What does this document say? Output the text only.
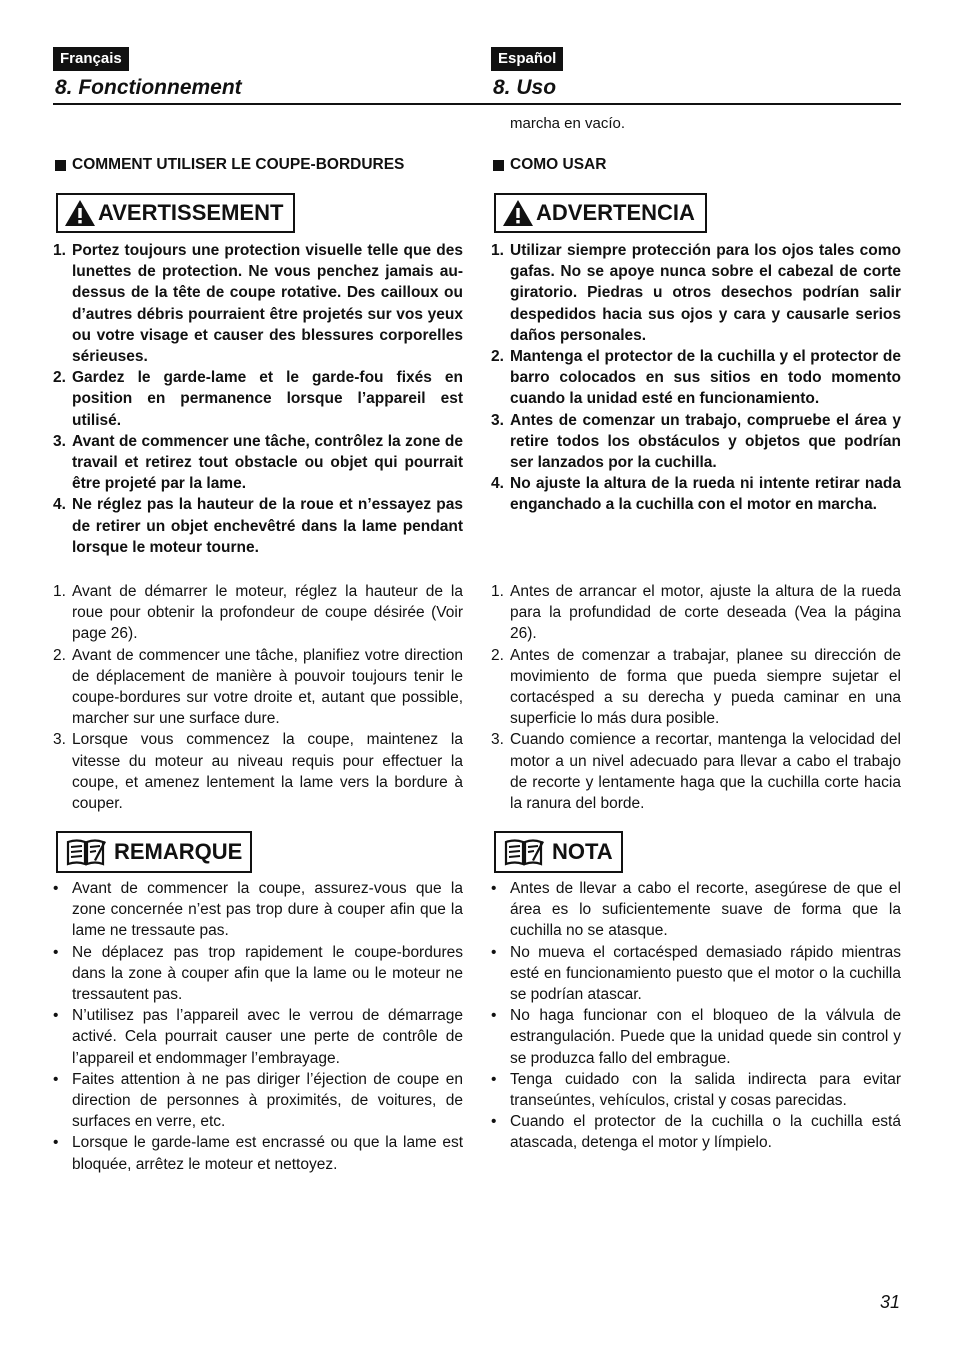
Français
8. Fonctionnement
COMMENT UTILISER LE COUPE-BORDURES
AVERTISSEMENT
1. Portez toujours une protection visuelle telle que des lunettes de protection. Ne vous penchez jamais au-dessus de la tête de coupe rotative. Des cailloux ou d’autres débris pourraient être projetés sur vos yeux ou votre visage et causer des blessures corporelles sérieuses.
2. Gardez le garde-lame et le garde-fou fixés en position en permanence lorsque l’appareil est utilisé.
3. Avant de commencer une tâche, contrôlez la zone de travail et retirez tout obstacle ou objet qui pourrait être projeté par la lame.
4. Ne réglez pas la hauteur de la roue et n’essayez pas de retirer un objet enchevêtré dans la lame pendant lorsque le moteur tourne.
1. Avant de démarrer le moteur, réglez la hauteur de la roue pour obtenir la profondeur de coupe désirée (Voir page 26).
2. Avant de commencer une tâche, planifiez votre direction de déplacement de manière à pouvoir toujours tenir le coupe-bordures sur votre droite et, autant que possible, marcher sur une surface dure.
3. Lorsque vous commencez la coupe, maintenez la vitesse du moteur au niveau requis pour effectuer la coupe, et amenez lentement la lame vers la bordure à couper.
REMARQUE
• Avant de commencer la coupe, assurez-vous que la zone concernée n’est pas trop dure à couper afin que la lame ne tressaute pas.
• Ne déplacez pas trop rapidement le coupe-bordures dans la zone à couper afin que la lame ou le moteur ne tressautent pas.
• N’utilisez pas l’appareil avec le verrou de démarrage activé. Cela pourrait causer une perte de contrôle de l’appareil et endommager l’embrayage.
• Faites attention à ne pas diriger l’éjection de coupe en direction de personnes à proximités, de voitures, de surfaces en verre, etc.
• Lorsque le garde-lame est encrassé ou que la lame est bloquée, arrêtez le moteur et nettoyez.
Español
8. Uso
marcha en vacío.
COMO USAR
ADVERTENCIA
1. Utilizar siempre protección para los ojos tales como gafas. No se apoye nunca sobre el cabezal de corte giratorio. Piedras u otros desechos podrían salir despedidos hacia sus ojos y cara y causarle serios daños personales.
2. Mantenga el protector de la cuchilla y el protector de barro colocados en sus sitios en todo momento cuando la unidad esté en funcionamiento.
3. Antes de comenzar un trabajo, compruebe el área y retire todos los obstáculos y objetos que podrían ser lanzados por la cuchilla.
4. No ajuste la altura de la rueda ni intente retirar nada enganchado a la cuchilla con el motor en marcha.
1. Antes de arrancar el motor, ajuste la altura de la rueda para la profundidad de corte deseada (Vea la página 26).
2. Antes de comenzar a trabajar, planee su dirección de movimiento de forma que pueda siempre sujetar el cortacésped a su derecha y pueda caminar en una superficie lo más dura posible.
3. Cuando comience a recortar, mantenga la velocidad del motor a un nivel adecuado para llevar a cabo el trabajo de recorte y lentamente haga que la cuchilla corte hacia la ranura del borde.
NOTA
• Antes de llevar a cabo el recorte, asegúrese de que el área es lo suficientemente suave de forma que la cuchilla no se atasque.
• No mueva el cortacésped demasiado rápido mientras esté en funcionamiento puesto que el motor o la cuchilla se podrían atascar.
• No haga funcionar con el bloqueo de la válvula de estrangulación. Puede que la unidad quede sin control y se produzca fallo del embrague.
• Tenga cuidado con la salida indirecta para evitar transeúntes, vehículos, cristal y cosas parecidas.
• Cuando el protector de la cuchilla o la cuchilla está atascada, detenga el motor y límpielo.
31
